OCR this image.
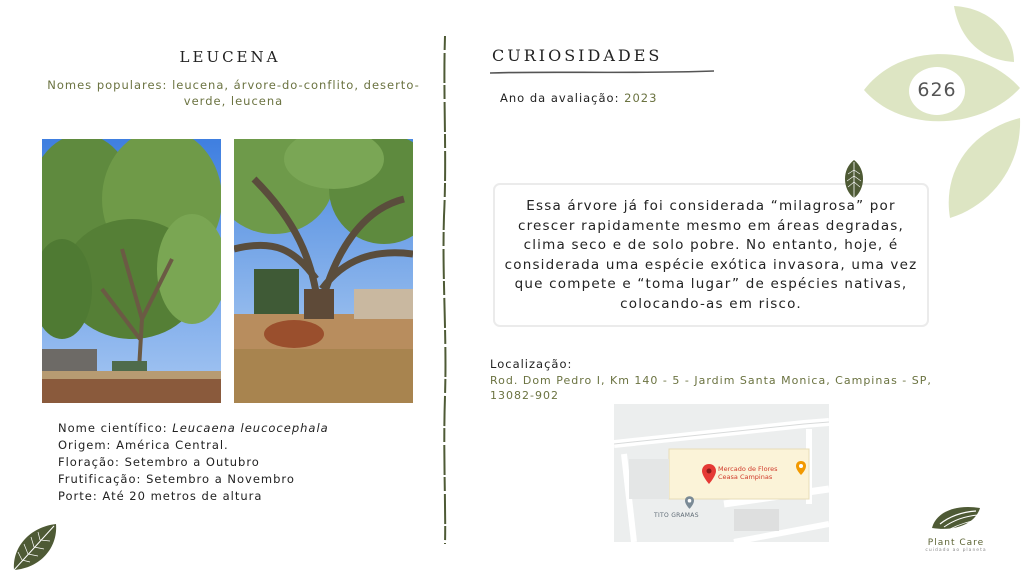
LEUCENA
Nomes populares: leucena, árvore-do-conflito, deserto-verde, leucena
Nome científico: Leucaena leucocephala
Origem: América Central.
Floração: Setembro a Outubro
Frutificação: Setembro a Novembro
Porte: Até 20 metros de altura
CURIOSIDADES
Ano da avaliação: 2023
Essa árvore já foi considerada “milagrosa” por crescer rapidamente mesmo em áreas degradas, clima seco e de solo pobre. No entanto, hoje, é considerada uma espécie exótica invasora, uma vez que compete e “toma lugar” de espécies nativas, colocando-as em risco.
Localização:
Rod. Dom Pedro I, Km 140 - 5 - Jardim Santa Monica, Campinas - SP, 13082-902
Mercado de Flores
Ceasa Campinas
TITO GRAMAS
626
Plant Care
cuidado ao planeta
